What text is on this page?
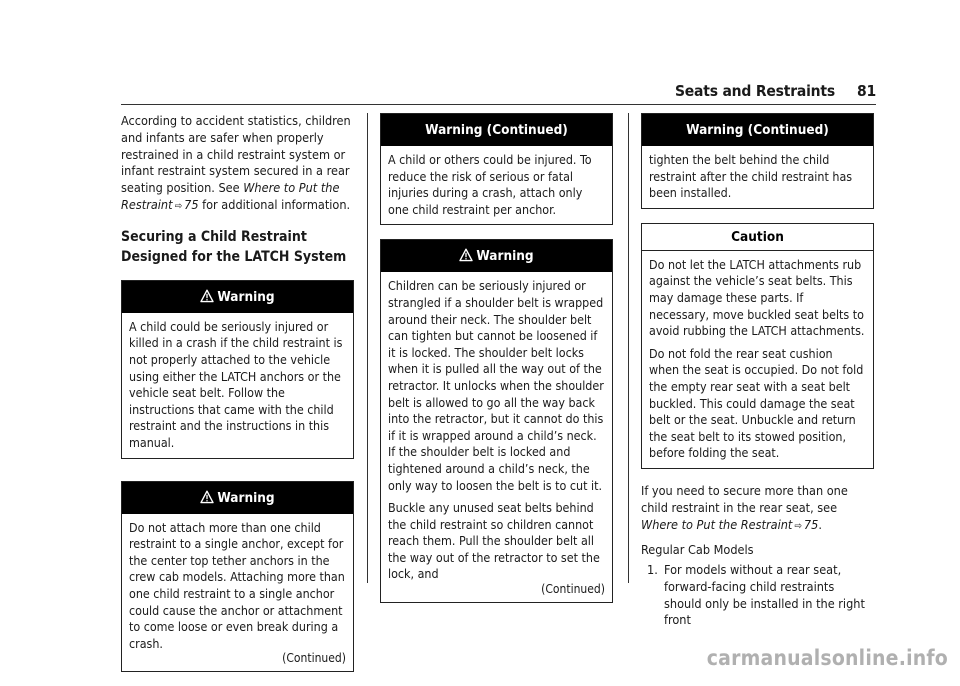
Seats and Restraints 81

According to accident statistics, children and infants are safer when properly restrained in a child restraint system or infant restraint system secured in a rear seating position. See Where to Put the Restraint ⇨ 75 for additional information.

Securing a Child Restraint Designed for the LATCH System
Warning
A child could be seriously injured or killed in a crash if the child restraint is not properly attached to the vehicle using either the LATCH anchors or the vehicle seat belt. Follow the instructions that came with the child restraint and the instructions in this manual.
Warning
Do not attach more than one child restraint to a single anchor, except for the center top tether anchors in the crew cab models. Attaching more than one child restraint to a single anchor could cause the anchor or attachment to come loose or even break during a crash.
(Continued)
Warning (Continued)
A child or others could be injured. To reduce the risk of serious or fatal injuries during a crash, attach only one child restraint per anchor.
Warning

Children can be seriously injured or strangled if a shoulder belt is wrapped around their neck. The shoulder belt can tighten but cannot be loosened if it is locked. The shoulder belt locks when it is pulled all the way out of the retractor. It unlocks when the shoulder belt is allowed to go all the way back into the retractor, but it cannot do this if it is wrapped around a child’s neck. If the shoulder belt is locked and tightened around a child’s neck, the only way to loosen the belt is to cut it.

Buckle any unused seat belts behind the child restraint so children cannot reach them. Pull the shoulder belt all the way out of the retractor to set the lock, and

(Continued)
Warning (Continued)
tighten the belt behind the child restraint after the child restraint has been installed.
Caution

Do not let the LATCH attachments rub against the vehicle’s seat belts. This may damage these parts. If necessary, move buckled seat belts to avoid rubbing the LATCH attachments.

Do not fold the rear seat cushion when the seat is occupied. Do not fold the empty rear seat with a seat belt buckled. This could damage the seat belt or the seat. Unbuckle and return the seat belt to its stowed position, before folding the seat.

If you need to secure more than one child restraint in the rear seat, see Where to Put the Restraint ⇨ 75.

Regular Cab Models

1. For models without a rear seat, forward-facing child restraints should only be installed in the right front
carmanualsonline.info
